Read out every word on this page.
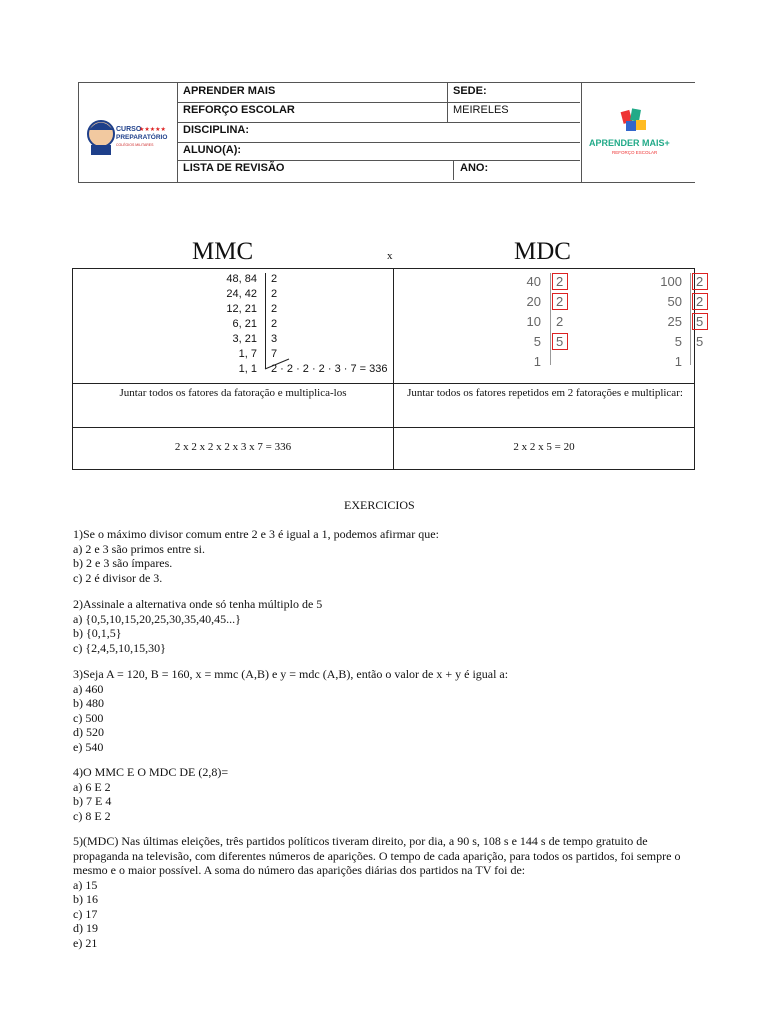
CURSO
PREPARATÓRIO
COLÉGIOS MILITARES
★★★★★
APRENDER MAIS	SEDE:
REFORÇO ESCOLAR	MEIRELES
DISCIPLINA:
ALUNO(A):
LISTA DE REVISÃO	ANO:
APRENDER MAIS+
REFORÇO ESCOLAR
MMC	x	MDC
48, 84 2
24, 42 2
12, 21 2
6, 21 2
3, 21 3
1, 7 7
1, 1 2 · 2 · 2 · 2 · 3 · 7 = 336
40 2
20 2
10 2
5 5
1
100 2
50 2
25 5
5 5
1
Juntar todos os fatores da fatoração e multiplica-los	Juntar todos os fatores repetidos em 2 fatorações e multiplicar:
2 x 2 x 2 x 2 x 3 x 7 = 336	2 x 2 x 5 = 20
EXERCICIOS
1)Se o máximo divisor comum entre 2 e 3 é igual a 1, podemos afirmar que:
a) 2 e 3 são primos entre si.
b) 2 e 3 são ímpares.
c) 2 é divisor de 3.
2)Assinale a alternativa onde só tenha múltiplo de 5
a) {0,5,10,15,20,25,30,35,40,45...}
b) {0,1,5}
c) {2,4,5,10,15,30}
3)Seja A = 120, B = 160, x = mmc (A,B) e y = mdc (A,B), então o valor de x + y é igual a:
a) 460
b) 480
c) 500
d) 520
e) 540
4)O MMC E O MDC DE (2,8)=
a) 6 E 2
b) 7 E 4
c) 8 E 2
5)(MDC) Nas últimas eleições, três partidos políticos tiveram direito, por dia, a 90 s, 108 s e 144 s de tempo gratuito de propaganda na televisão, com diferentes números de aparições. O tempo de cada aparição, para todos os partidos, foi sempre o mesmo e o maior possível. A soma do número das aparições diárias dos partidos na TV foi de:
a) 15
b) 16
c) 17
d) 19
e) 21
